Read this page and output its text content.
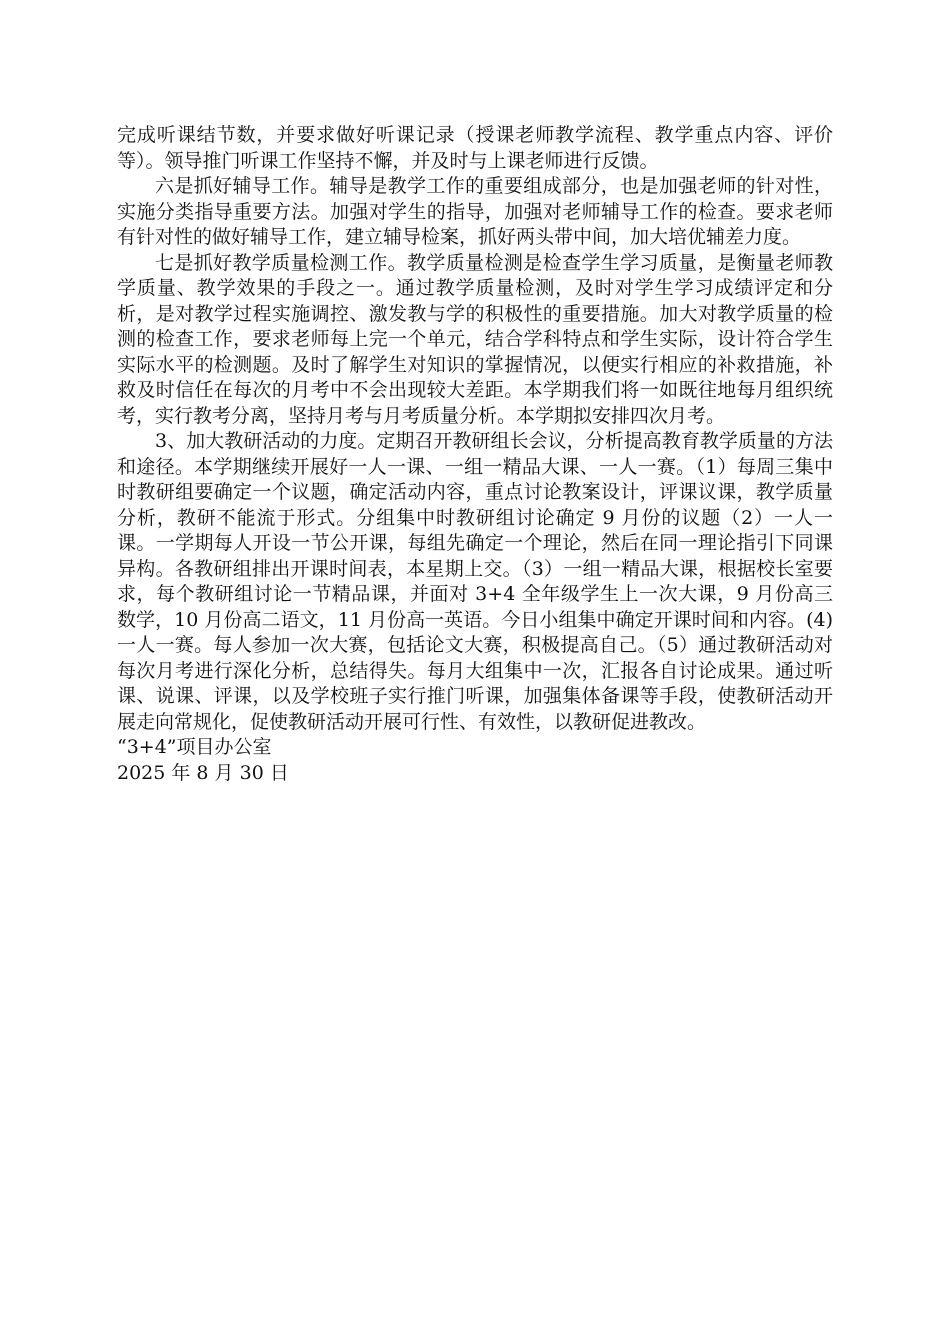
完成听课结节数，并要求做好听课记录（授课老师教学流程、教学重点内容、评价等）。领导推门听课工作坚持不懈，并及时与上课老师进行反馈。

六是抓好辅导工作。辅导是教学工作的重要组成部分，也是加强老师的针对性，实施分类指导重要方法。加强对学生的指导，加强对老师辅导工作的检查。要求老师有针对性的做好辅导工作，建立辅导检案，抓好两头带中间，加大培优辅差力度。

七是抓好教学质量检测工作。教学质量检测是检查学生学习质量，是衡量老师教学质量、教学效果的手段之一。通过教学质量检测，及时对学生学习成绩评定和分析，是对教学过程实施调控、激发教与学的积极性的重要措施。加大对教学质量的检测的检查工作，要求老师每上完一个单元，结合学科特点和学生实际，设计符合学生实际水平的检测题。及时了解学生对知识的掌握情况，以便实行相应的补救措施，补救及时信任在每次的月考中不会出现较大差距。本学期我们将一如既往地每月组织统考，实行教考分离，坚持月考与月考质量分析。本学期拟安排四次月考。

3、加大教研活动的力度。定期召开教研组长会议，分析提高教育教学质量的方法和途径。本学期继续开展好一人一课、一组一精品大课、一人一赛。（1）每周三集中时教研组要确定一个议题，确定活动内容，重点讨论教案设计，评课议课，教学质量分析，教研不能流于形式。分组集中时教研组讨论确定 9 月份的议题（2）一人一课。一学期每人开设一节公开课，每组先确定一个理论，然后在同一理论指引下同课异构。各教研组排出开课时间表，本星期上交。（3）一组一精品大课，根据校长室要求，每个教研组讨论一节精品课，并面对 3+4 全年级学生上一次大课，9 月份高三数学，10 月份高二语文，11 月份高一英语。今日小组集中确定开课时间和内容。(4)一人一赛。每人参加一次大赛，包括论文大赛，积极提高自己。（5）通过教研活动对每次月考进行深化分析，总结得失。每月大组集中一次，汇报各自讨论成果。通过听课、说课、评课，以及学校班子实行推门听课，加强集体备课等手段，使教研活动开展走向常规化，促使教研活动开展可行性、有效性，以教研促进教改。

“3+4”项目办公室

2025 年 8 月 30 日
